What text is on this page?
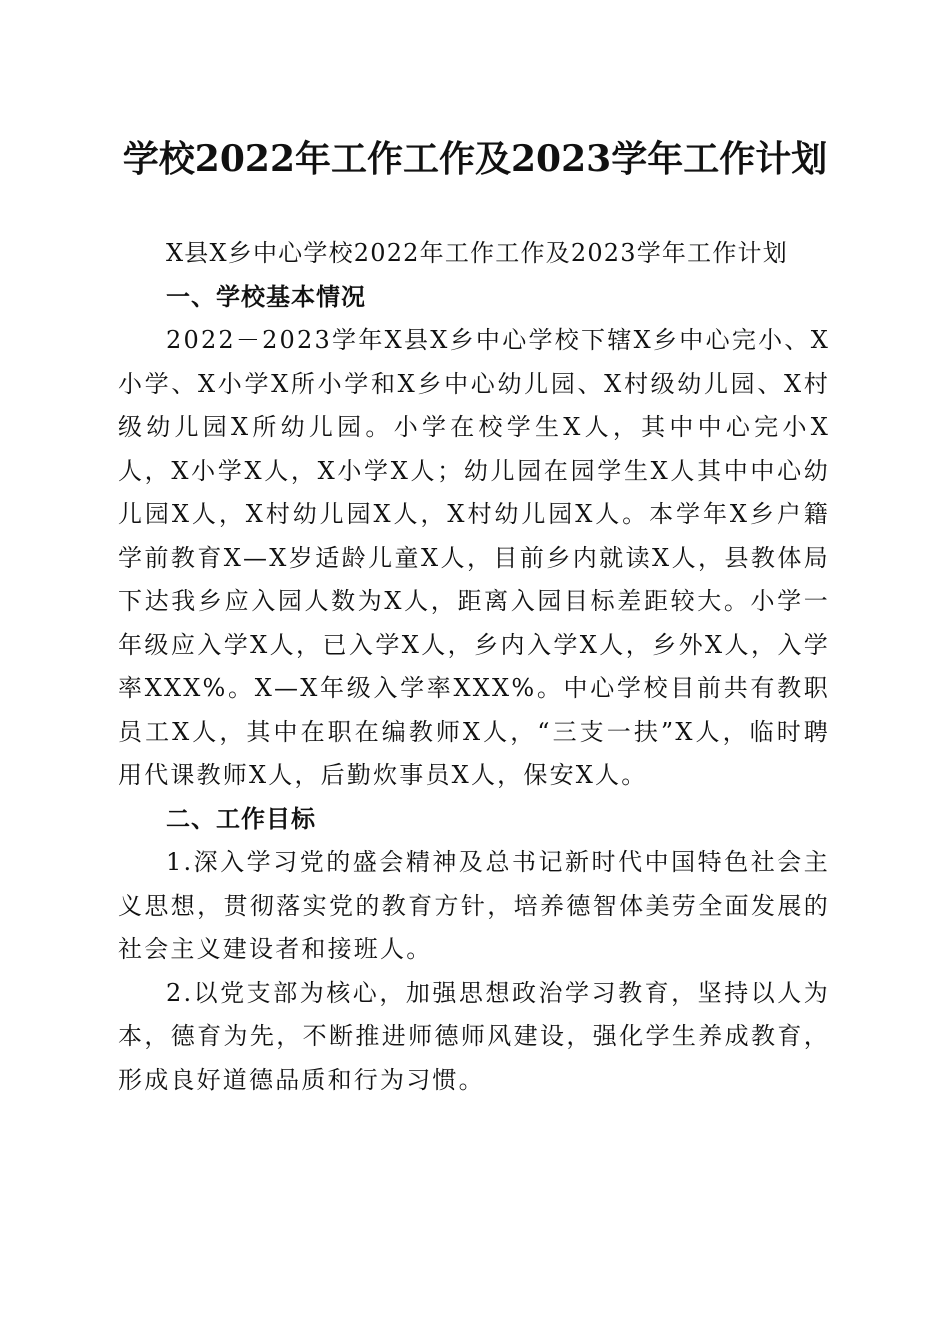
学校2022年工作工作及2023学年工作计划

X县X乡中心学校2022年工作工作及2023学年工作计划

一、学校基本情况

2022－2023学年X县X乡中心学校下辖X乡中心完小、X小学、X小学X所小学和X乡中心幼儿园、X村级幼儿园、X村级幼儿园X所幼儿园。小学在校学生X人，其中中心完小X人，X小学X人，X小学X人；幼儿园在园学生X人其中中心幼儿园X人，X村幼儿园X人，X村幼儿园X人。本学年X乡户籍学前教育X—X岁适龄儿童X人，目前乡内就读X人，县教体局下达我乡应入园人数为X人，距离入园目标差距较大。小学一年级应入学X人，已入学X人，乡内入学X人，乡外X人，入学率XXX%。X—X年级入学率XXX%。中心学校目前共有教职员工X人，其中在职在编教师X人，“三支一扶”X人，临时聘用代课教师X人，后勤炊事员X人，保安X人。

二、工作目标

1.深入学习党的盛会精神及总书记新时代中国特色社会主义思想，贯彻落实党的教育方针，培养德智体美劳全面发展的社会主义建设者和接班人。

2.以党支部为核心，加强思想政治学习教育，坚持以人为本，德育为先，不断推进师德师风建设，强化学生养成教育，形成良好道德品质和行为习惯。
